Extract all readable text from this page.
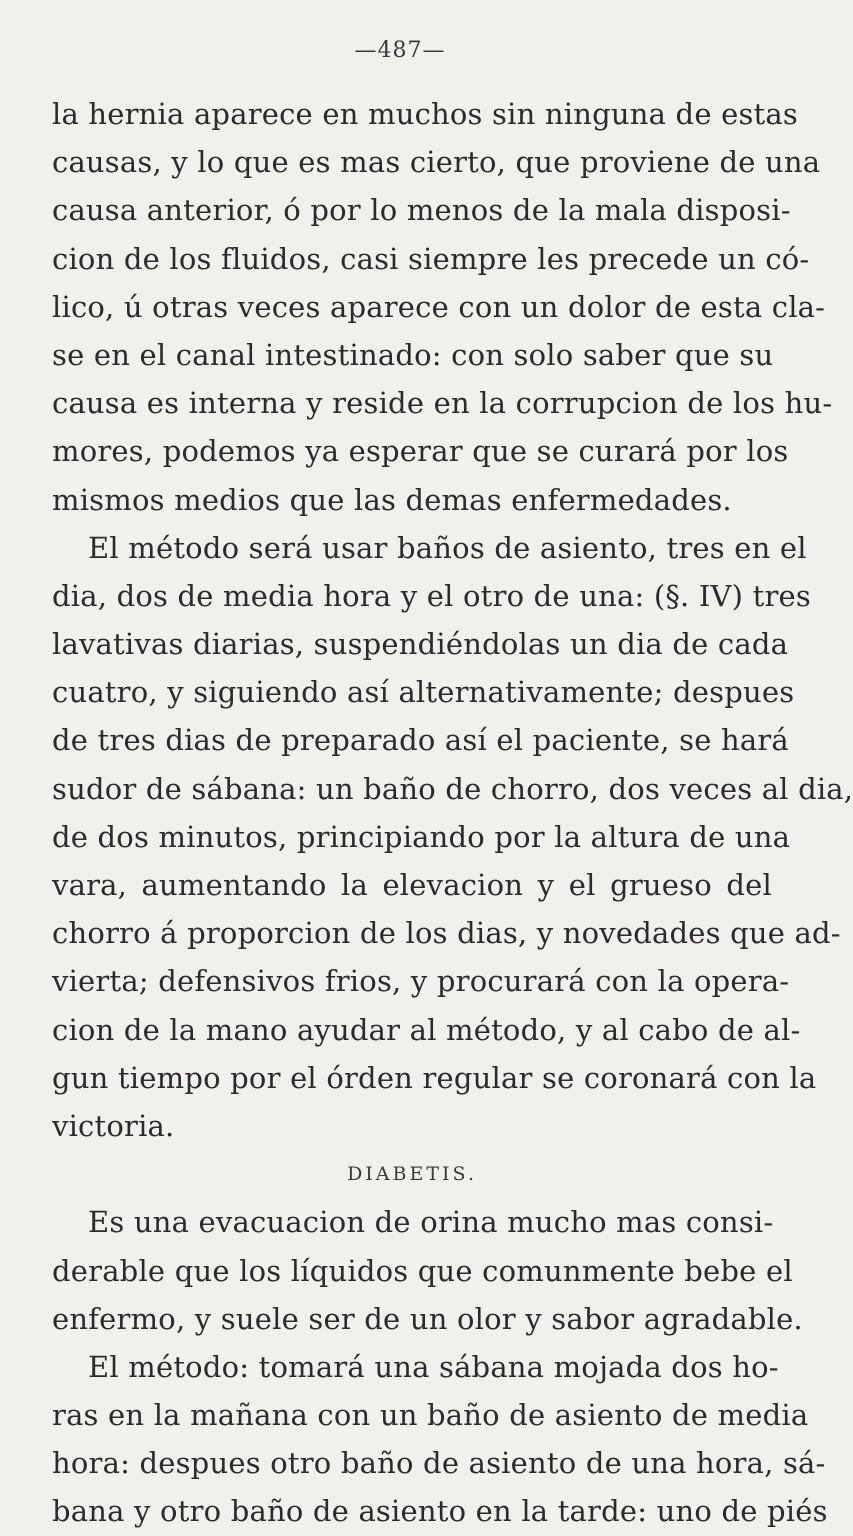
—487—
la hernia aparece en muchos sin ninguna de estas
causas, y lo que es mas cierto, que proviene de una
causa anterior, ó por lo menos de la mala disposi-
cion de los fluidos, casi siempre les precede un có-
lico, ú otras veces aparece con un dolor de esta cla-
se en el canal intestinado: con solo saber que su
causa es interna y reside en la corrupcion de los hu-
mores, podemos ya esperar que se curará por los
mismos medios que las demas enfermedades.
El método será usar baños de asiento, tres en el
dia, dos de media hora y el otro de una: (§. IV) tres
lavativas diarias, suspendiéndolas un dia de cada
cuatro, y siguiendo así alternativamente; despues
de tres dias de preparado así el paciente, se hará
sudor de sábana: un baño de chorro, dos veces al dia,
de dos minutos, principiando por la altura de una
vara, aumentando la elevacion y el grueso del
chorro á proporcion de los dias, y novedades que ad-
vierta; defensivos frios, y procurará con la opera-
cion de la mano ayudar al método, y al cabo de al-
gun tiempo por el órden regular se coronará con la
victoria.
DIABETIS.
Es una evacuacion de orina mucho mas consi-
derable que los líquidos que comunmente bebe el
enfermo, y suele ser de un olor y sabor agradable.
El método: tomará una sábana mojada dos ho-
ras en la mañana con un baño de asiento de media
hora: despues otro baño de asiento de una hora, sá-
bana y otro baño de asiento en la tarde: uno de piés
